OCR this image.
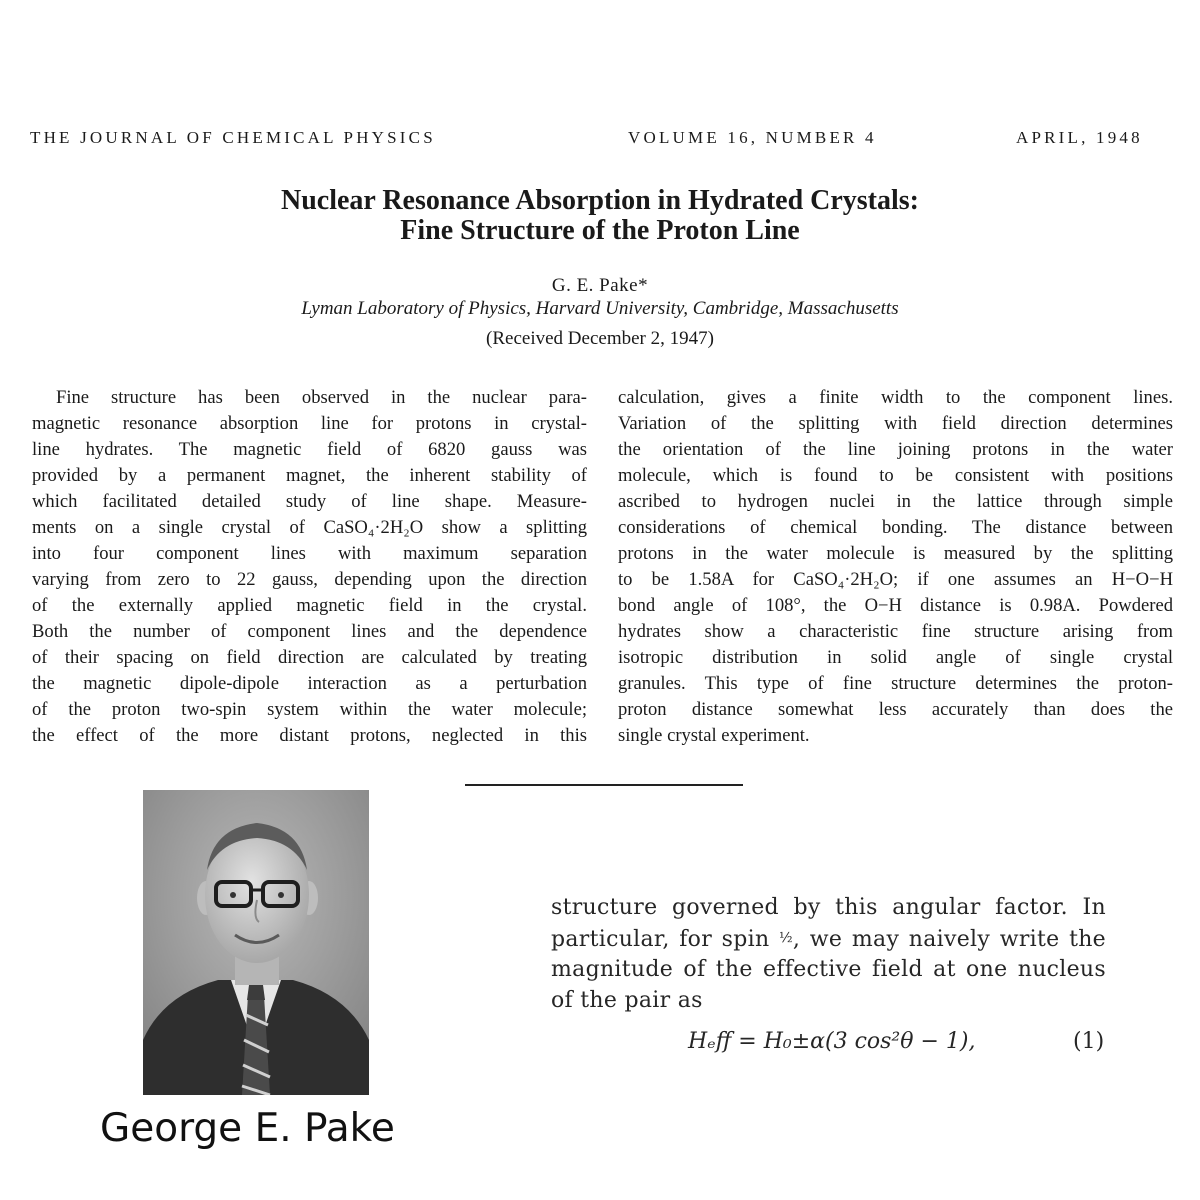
THE JOURNAL OF CHEMICAL PHYSICS	VOLUME 16, NUMBER 4	APRIL, 1948
Nuclear Resonance Absorption in Hydrated Crystals:
Fine Structure of the Proton Line
G. E. Pake*
Lyman Laboratory of Physics, Harvard University, Cambridge, Massachusetts
(Received December 2, 1947)
Fine structure has been observed in the nuclear para-
magnetic resonance absorption line for protons in crystal-
line hydrates. The magnetic field of 6820 gauss was
provided by a permanent magnet, the inherent stability of
which facilitated detailed study of line shape. Measure-
ments on a single crystal of CaSO₄·2H₂O show a splitting
into four component lines with maximum separation
varying from zero to 22 gauss, depending upon the direction
of the externally applied magnetic field in the crystal.
Both the number of component lines and the dependence
of their spacing on field direction are calculated by treating
the magnetic dipole-dipole interaction as a perturbation
of the proton two-spin system within the water molecule;
the effect of the more distant protons, neglected in this
calculation, gives a finite width to the component lines.
Variation of the splitting with field direction determines
the orientation of the line joining protons in the water
molecule, which is found to be consistent with positions
ascribed to hydrogen nuclei in the lattice through simple
considerations of chemical bonding. The distance between
protons in the water molecule is measured by the splitting
to be 1.58A for CaSO₄·2H₂O; if one assumes an H−O−H
bond angle of 108°, the O−H distance is 0.98A. Powdered
hydrates show a characteristic fine structure arising from
isotropic distribution in solid angle of single crystal
granules. This type of fine structure determines the proton-
proton distance somewhat less accurately than does the
single crystal experiment.
George E. Pake
structure governed by this angular factor. In
particular, for spin ½, we may naively write the
magnitude of the effective field at one nucleus
of the pair as
Hₑff = H₀±α(3 cos²θ − 1),	(1)
